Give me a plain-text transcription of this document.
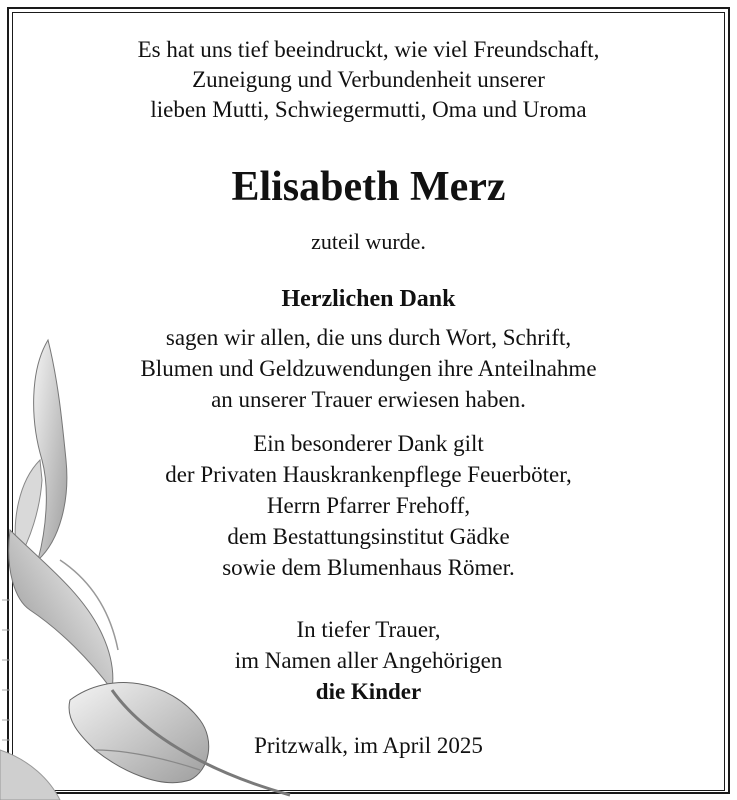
Es hat uns tief beeindruckt, wie viel Freundschaft,
Zuneigung und Verbundenheit unserer
lieben Mutti, Schwiegermutti, Oma und Uroma
Elisabeth Merz
zuteil wurde.
Herzlichen Dank
sagen wir allen, die uns durch Wort, Schrift,
Blumen und Geldzuwendungen ihre Anteilnahme
an unserer Trauer erwiesen haben.
Ein besonderer Dank gilt
der Privaten Hauskrankenpflege Feuerböter,
Herrn Pfarrer Frehoff,
dem Bestattungsinstitut Gädke
sowie dem Blumenhaus Römer.
In tiefer Trauer,
im Namen aller Angehörigen
die Kinder
Pritzwalk, im April 2025
